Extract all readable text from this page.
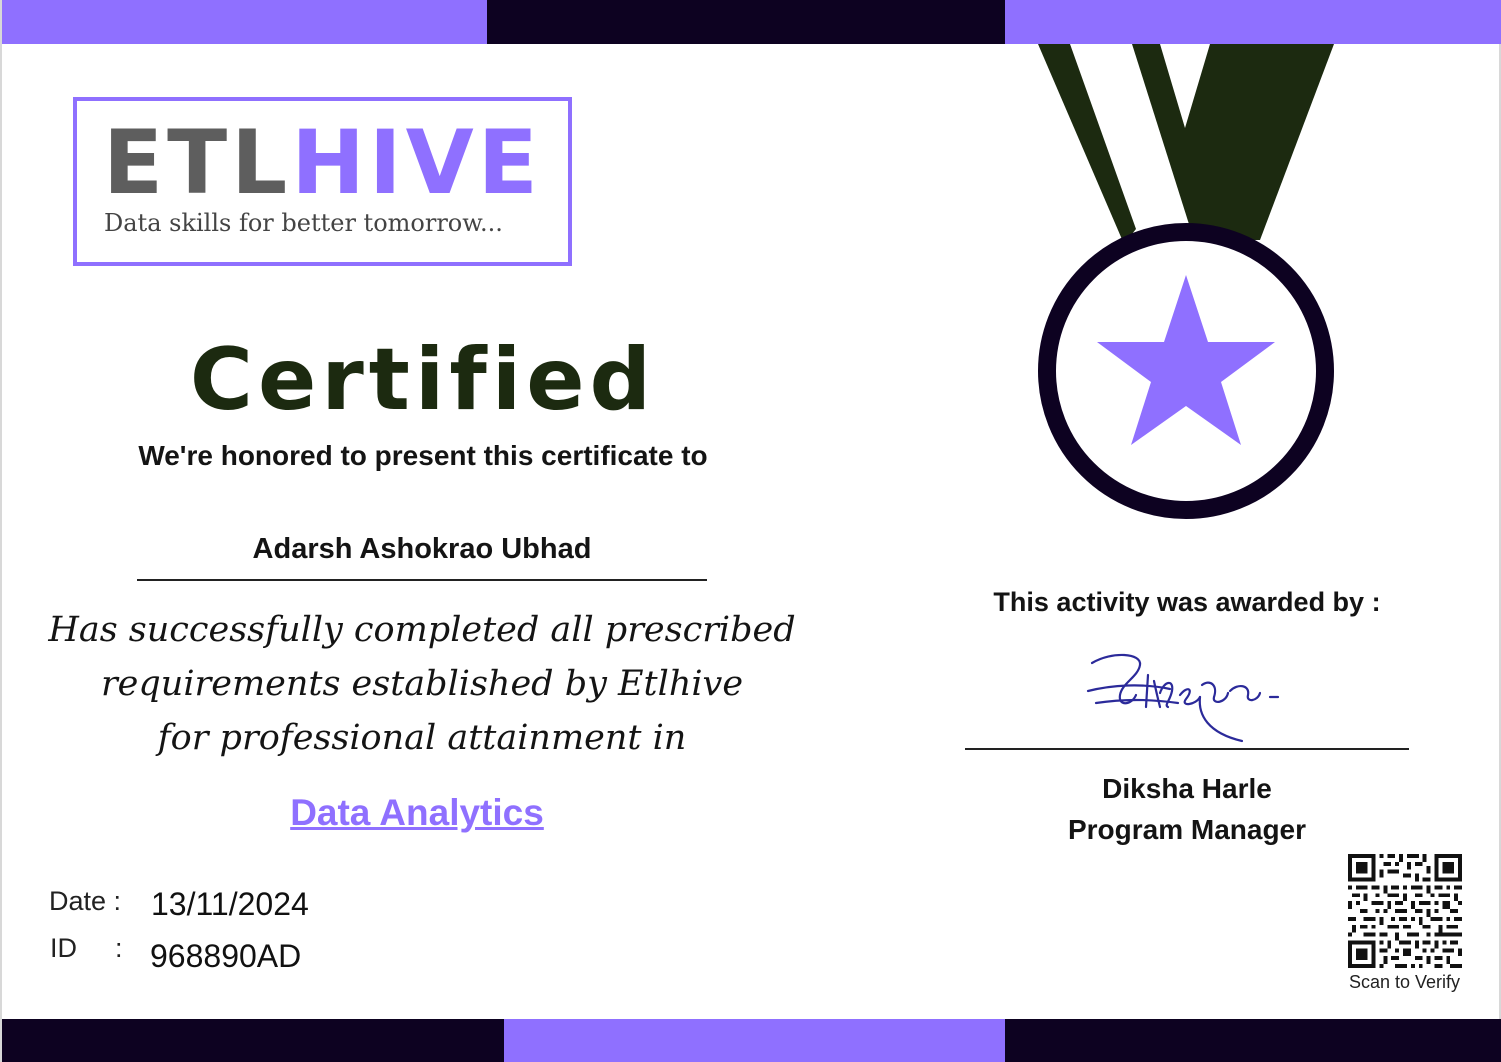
ETLHIVE
Data skills for better tomorrow...
Certified
We're honored to present this certificate to
Adarsh Ashokrao Ubhad
Has successfully completed all prescribed
requirements established by Etlhive
for professional attainment in
Data Analytics
Date : 13/11/2024
ID : 968890AD
This activity was awarded by :
Diksha Harle
Program Manager
Scan to Verify
